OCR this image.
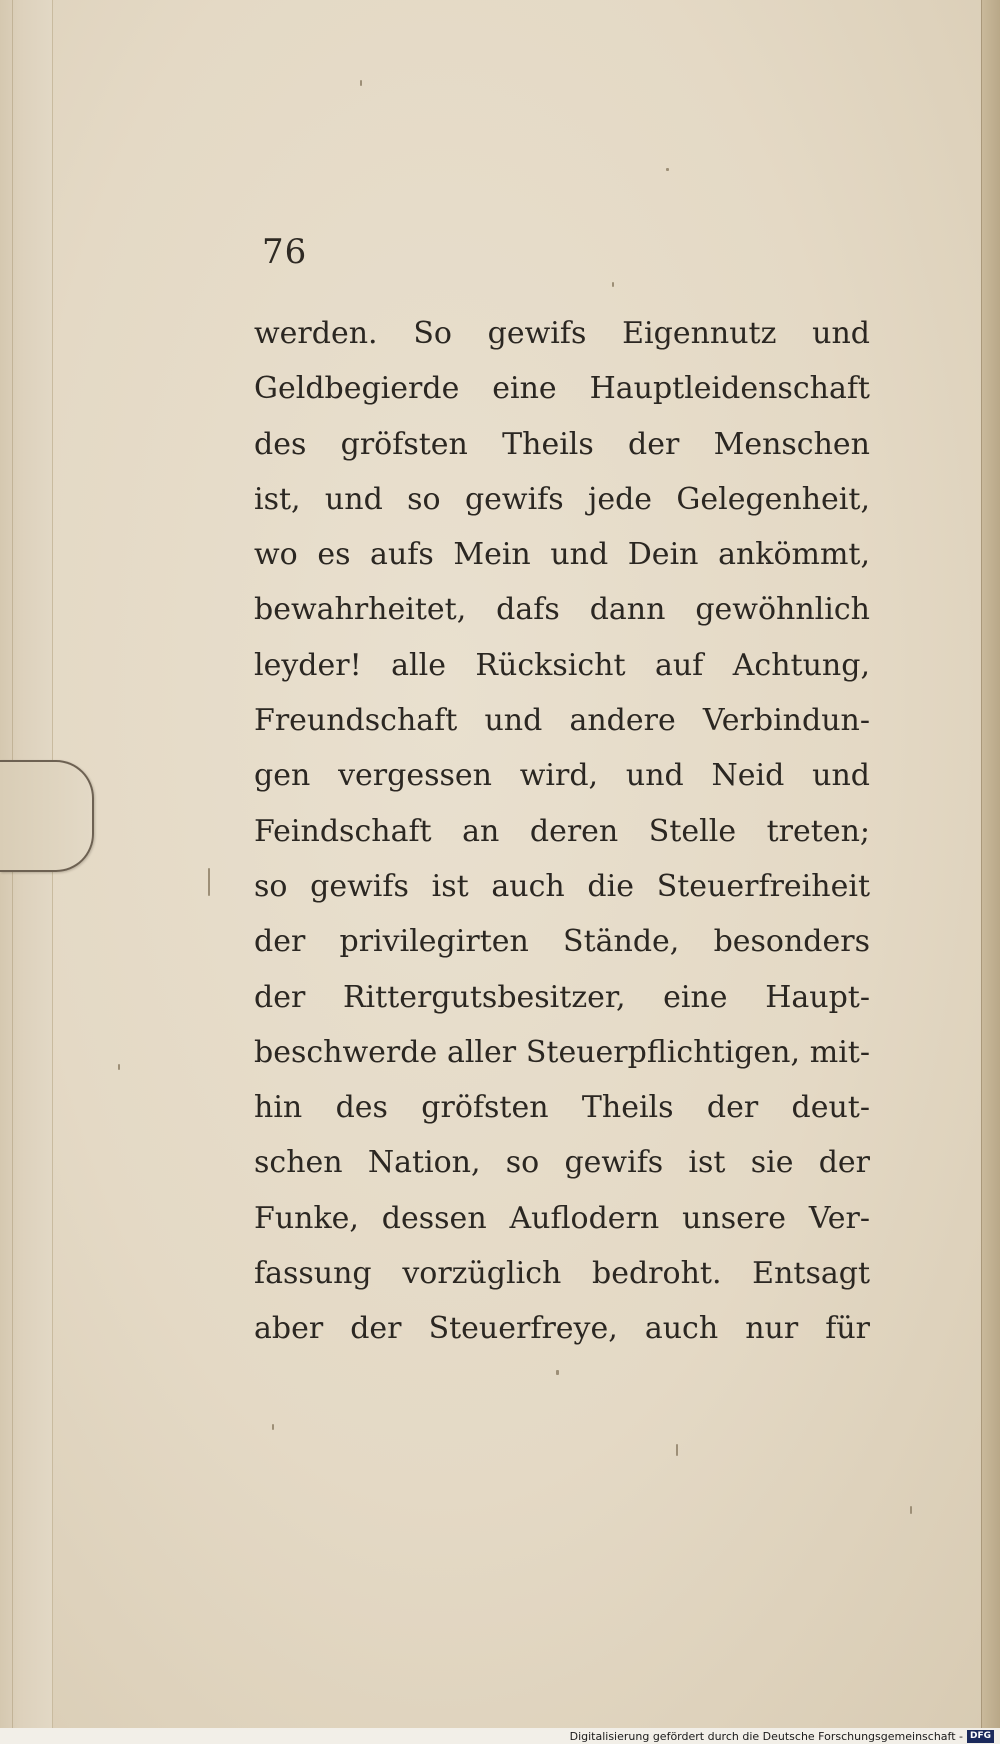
76
werden. So gewifs Eigennutz und
Geldbegierde eine Hauptleidenschaft
des gröfsten Theils der Menschen
ist, und so gewifs jede Gelegenheit,
wo es aufs Mein und Dein ankömmt,
bewahrheitet, dafs dann gewöhnlich
leyder! alle Rücksicht auf Achtung,
Freundschaft und andere Verbindun-
gen vergessen wird, und Neid und
Feindschaft an deren Stelle treten;
so gewifs ist auch die Steuerfreiheit
der privilegirten Stände, besonders
der Rittergutsbesitzer, eine Haupt-
beschwerde aller Steuerpflichtigen, mit-
hin des gröfsten Theils der deut-
schen Nation, so gewifs ist sie der
Funke, dessen Auflodern unsere Ver-
fassung vorzüglich bedroht. Entsagt
aber der Steuerfreye, auch nur für
Digitalisierung gefördert durch die Deutsche Forschungsgemeinschaft - DFG
